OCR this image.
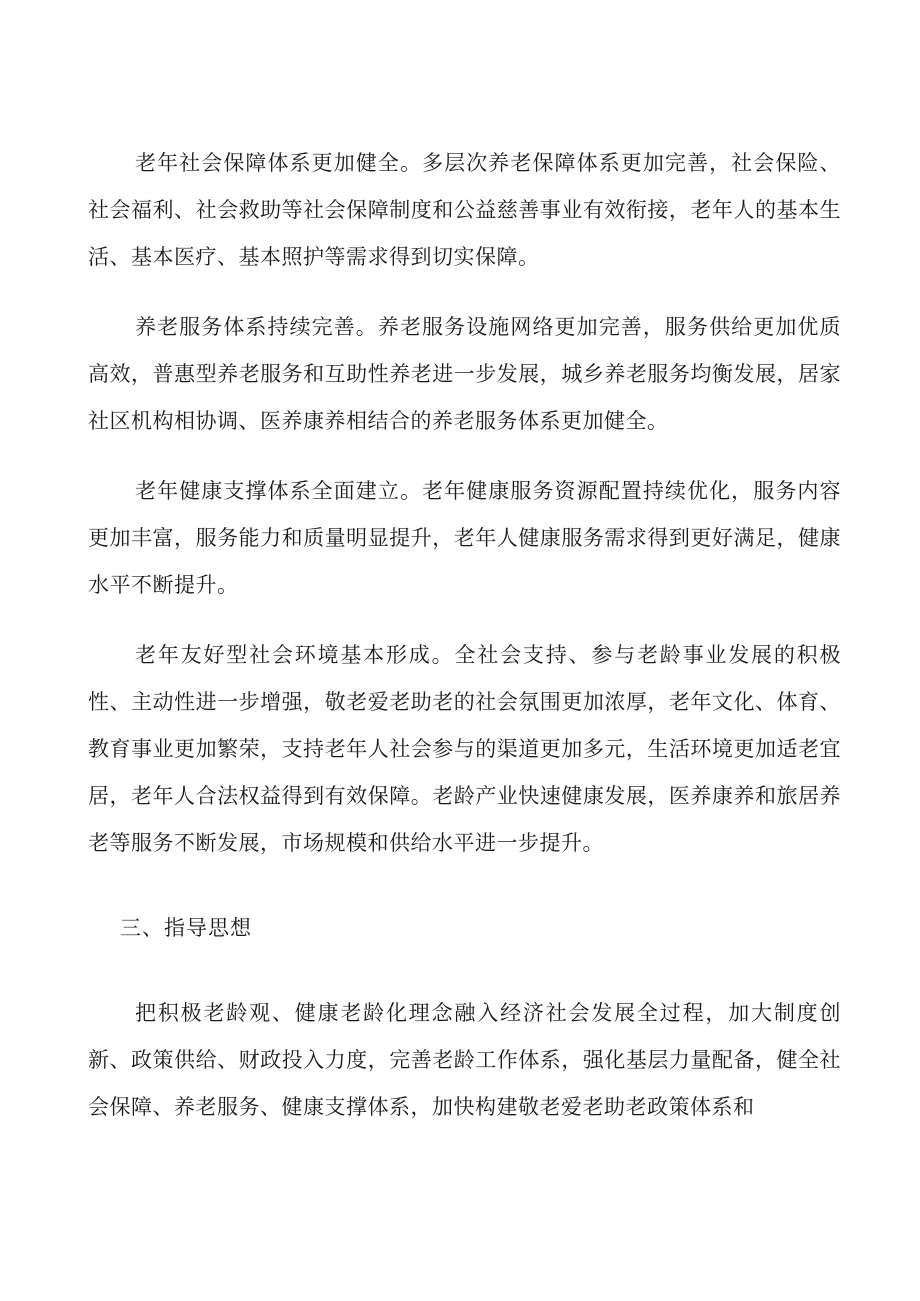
老年社会保障体系更加健全。多层次养老保障体系更加完善，社会保险、社会福利、社会救助等社会保障制度和公益慈善事业有效衔接，老年人的基本生活、基本医疗、基本照护等需求得到切实保障。

养老服务体系持续完善。养老服务设施网络更加完善，服务供给更加优质高效，普惠型养老服务和互助性养老进一步发展，城乡养老服务均衡发展，居家社区机构相协调、医养康养相结合的养老服务体系更加健全。

老年健康支撑体系全面建立。老年健康服务资源配置持续优化，服务内容更加丰富，服务能力和质量明显提升，老年人健康服务需求得到更好满足，健康水平不断提升。

老年友好型社会环境基本形成。全社会支持、参与老龄事业发展的积极性、主动性进一步增强，敬老爱老助老的社会氛围更加浓厚，老年文化、体育、教育事业更加繁荣，支持老年人社会参与的渠道更加多元，生活环境更加适老宜居，老年人合法权益得到有效保障。老龄产业快速健康发展，医养康养和旅居养老等服务不断发展，市场规模和供给水平进一步提升。

三、指导思想

把积极老龄观、健康老龄化理念融入经济社会发展全过程，加大制度创新、政策供给、财政投入力度，完善老龄工作体系，强化基层力量配备，健全社会保障、养老服务、健康支撑体系，加快构建敬老爱老助老政策体系和
